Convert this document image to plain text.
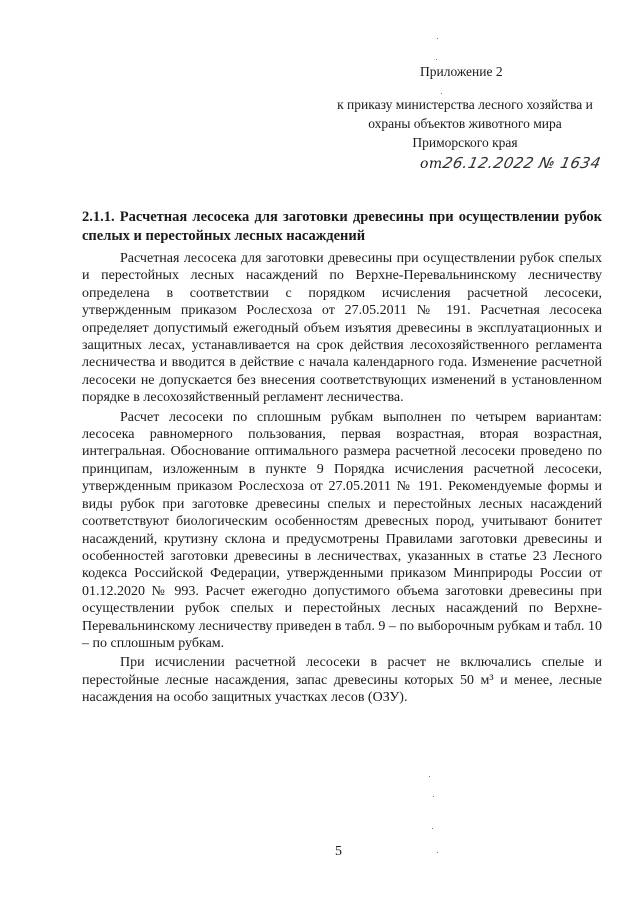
Приложение 2
к приказу министерства лесного хозяйства и
охраны объектов животного мира
Приморского края
от26.12.2022 № 1634
2.1.1. Расчетная лесосека для заготовки древесины при осуществлении рубок спелых и перестойных лесных насаждений

Расчетная лесосека для заготовки древесины при осуществлении рубок спелых и перестойных лесных насаждений по Верхне-Перевальнинскому лесничеству определена в соответствии с порядком исчисления расчетной лесосеки, утвержденным приказом Рослесхоза от 27.05.2011 № 191. Расчетная лесосека определяет допустимый ежегодный объем изъятия древесины в эксплуатационных и защитных лесах, устанавливается на срок действия лесохозяйственного регламента лесничества и вводится в действие с начала календарного года. Изменение расчетной лесосеки не допускается без внесения соответствующих изменений в установленном порядке в лесохозяйственный регламент лесничества.

Расчет лесосеки по сплошным рубкам выполнен по четырем вариантам: лесосека равномерного пользования, первая возрастная, вторая возрастная, интегральная. Обоснование оптимального размера расчетной лесосеки проведено по принципам, изложенным в пункте 9 Порядка исчисления расчетной лесосеки, утвержденным приказом Рослесхоза от 27.05.2011 № 191. Рекомендуемые формы и виды рубок при заготовке древесины спелых и перестойных лесных насаждений соответствуют биологическим особенностям древесных пород, учитывают бонитет насаждений, крутизну склона и предусмотрены Правилами заготовки древесины и особенностей заготовки древесины в лесничествах, указанных в статье 23 Лесного кодекса Российской Федерации, утвержденными приказом Минприроды России от 01.12.2020 № 993. Расчет ежегодно допустимого объема заготовки древесины при осуществлении рубок спелых и перестойных лесных насаждений по Верхне-Перевальнинскому лесничеству приведен в табл. 9 – по выборочным рубкам и табл. 10 – по сплошным рубкам.

При исчислении расчетной лесосеки в расчет не включались спелые и перестойные лесные насаждения, запас древесины которых 50 м³ и менее, лесные насаждения на особо защитных участках лесов (ОЗУ).

5
